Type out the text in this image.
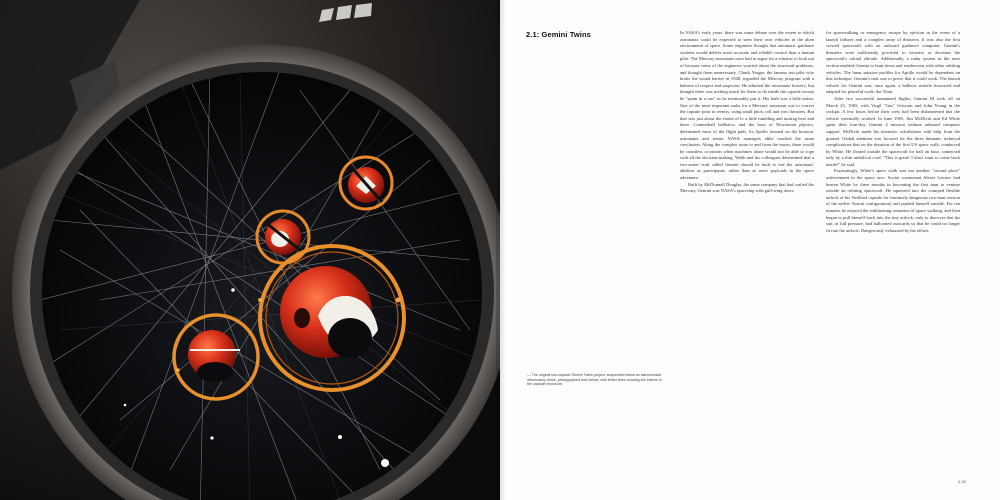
2.1: Gemini Twins

— The original two-capsule Gemini Twins project, suspended below an astronomical observatory dome, photographed from below, with tether lines crossing the interior of the capsule enclosure.

In NASA's early years, there was some debate over the extent to which astronauts could be expected to steer their own vehicles in the alien environment of space. Some engineers thought that automatic guidance systems would deliver more accurate and reliable control than a human pilot. The Mercury astronauts once had to argue for a window to look out of because some of the engineers worried about the structural problems, and thought them unnecessary. Chuck Yeager, the famous test pilot who broke the sound barrier in 1948, regarded the Mercury program with a balance of respect and suspicion. He admired the astronauts' bravery, but thought there was nothing much for them to do inside the capsule except be "spam in a can" as he memorably put it. His barb was a little unfair. One of the most important tasks for a Mercury astronaut was to correct the capsule prior to reentry, using small pitch, roll and yaw thrusters. But that was just about the extent of it: a little tumbling and turning here and there. Counterball ballistics, and the laws of Newtonian physics, determined most of the flight path. As Apollo loomed on the horizon, astronauts and senior NASA managers alike reached the same conclusion. Along the complex route to and from the moon, there would be countless occasions when machines alone would not be able to cope with all the decision-making. Webb and his colleagues determined that a two-seater craft called Gemini should be built to test the astronauts' abilities as participants, rather than as mere payloads in the space adventure.

Built by McDonnell Douglas, the same company that had crafted the Mercury, Gemini was NASA's spaceship with gull-wing doors

for spacewalking or emergency escape by ejection in the event of a launch failure) and a complex array of thrusters. It was also the first crewed spacecraft with an onboard guidance computer. Gemini's thrusters were sufficiently powerful to increase or decrease the spacecraft's orbital altitude. Additionally, a radar system in the nose section enabled Gemini to hunt down and rendezvous with other orbiting vehicles. The lunar mission profiles for Apollo would be dependent on this technique. Gemini's task was to prove that it could work. The launch vehicle for Gemini was, once again, a ballistic missile borrowed and adapted for peaceful work: the Titan.

After two successful unmanned flights, Gemini III took off on March 23, 1965, with Virgil "Gus" Grissom and John Young in the cockpit. A few hours before their crew had been disheartened that the vehicle externally worked. In June 1965, Jim McDivitt and Ed White spent their four-day Gemini 4 mission without onboard computer support. McDivitt made his intensive calculations with help from the ground. Global attention was focused for the three dramatic technical complications that on the duration of the first US space walk, conducted by White. He floated outside the spacecraft for half an hour, connected only by a thin umbilical cord. "This is great! I don't want to come back inside!" he said.

Frustratingly, White's space walk was not another "second place" achievement in the space race. Soviet cosmonaut Alexei Leonov had beaten White by three months in becoming the first man to venture outside an orbiting spacecraft. He squeezed into the cramped flexible airlock of his Voskhod capsule for extremely dangerous two-man version of the earlier Vostok configuration) and pushed himself outside. For ten minutes he enjoyed the exhilarating sensation of space walking, and then began to pull himself back into the tiny airlock, only to discover that his suit, at full pressure, had ballooned outwards so that he could no longer fit into the airlock. Dangerously exhausted by his efforts

4.15
